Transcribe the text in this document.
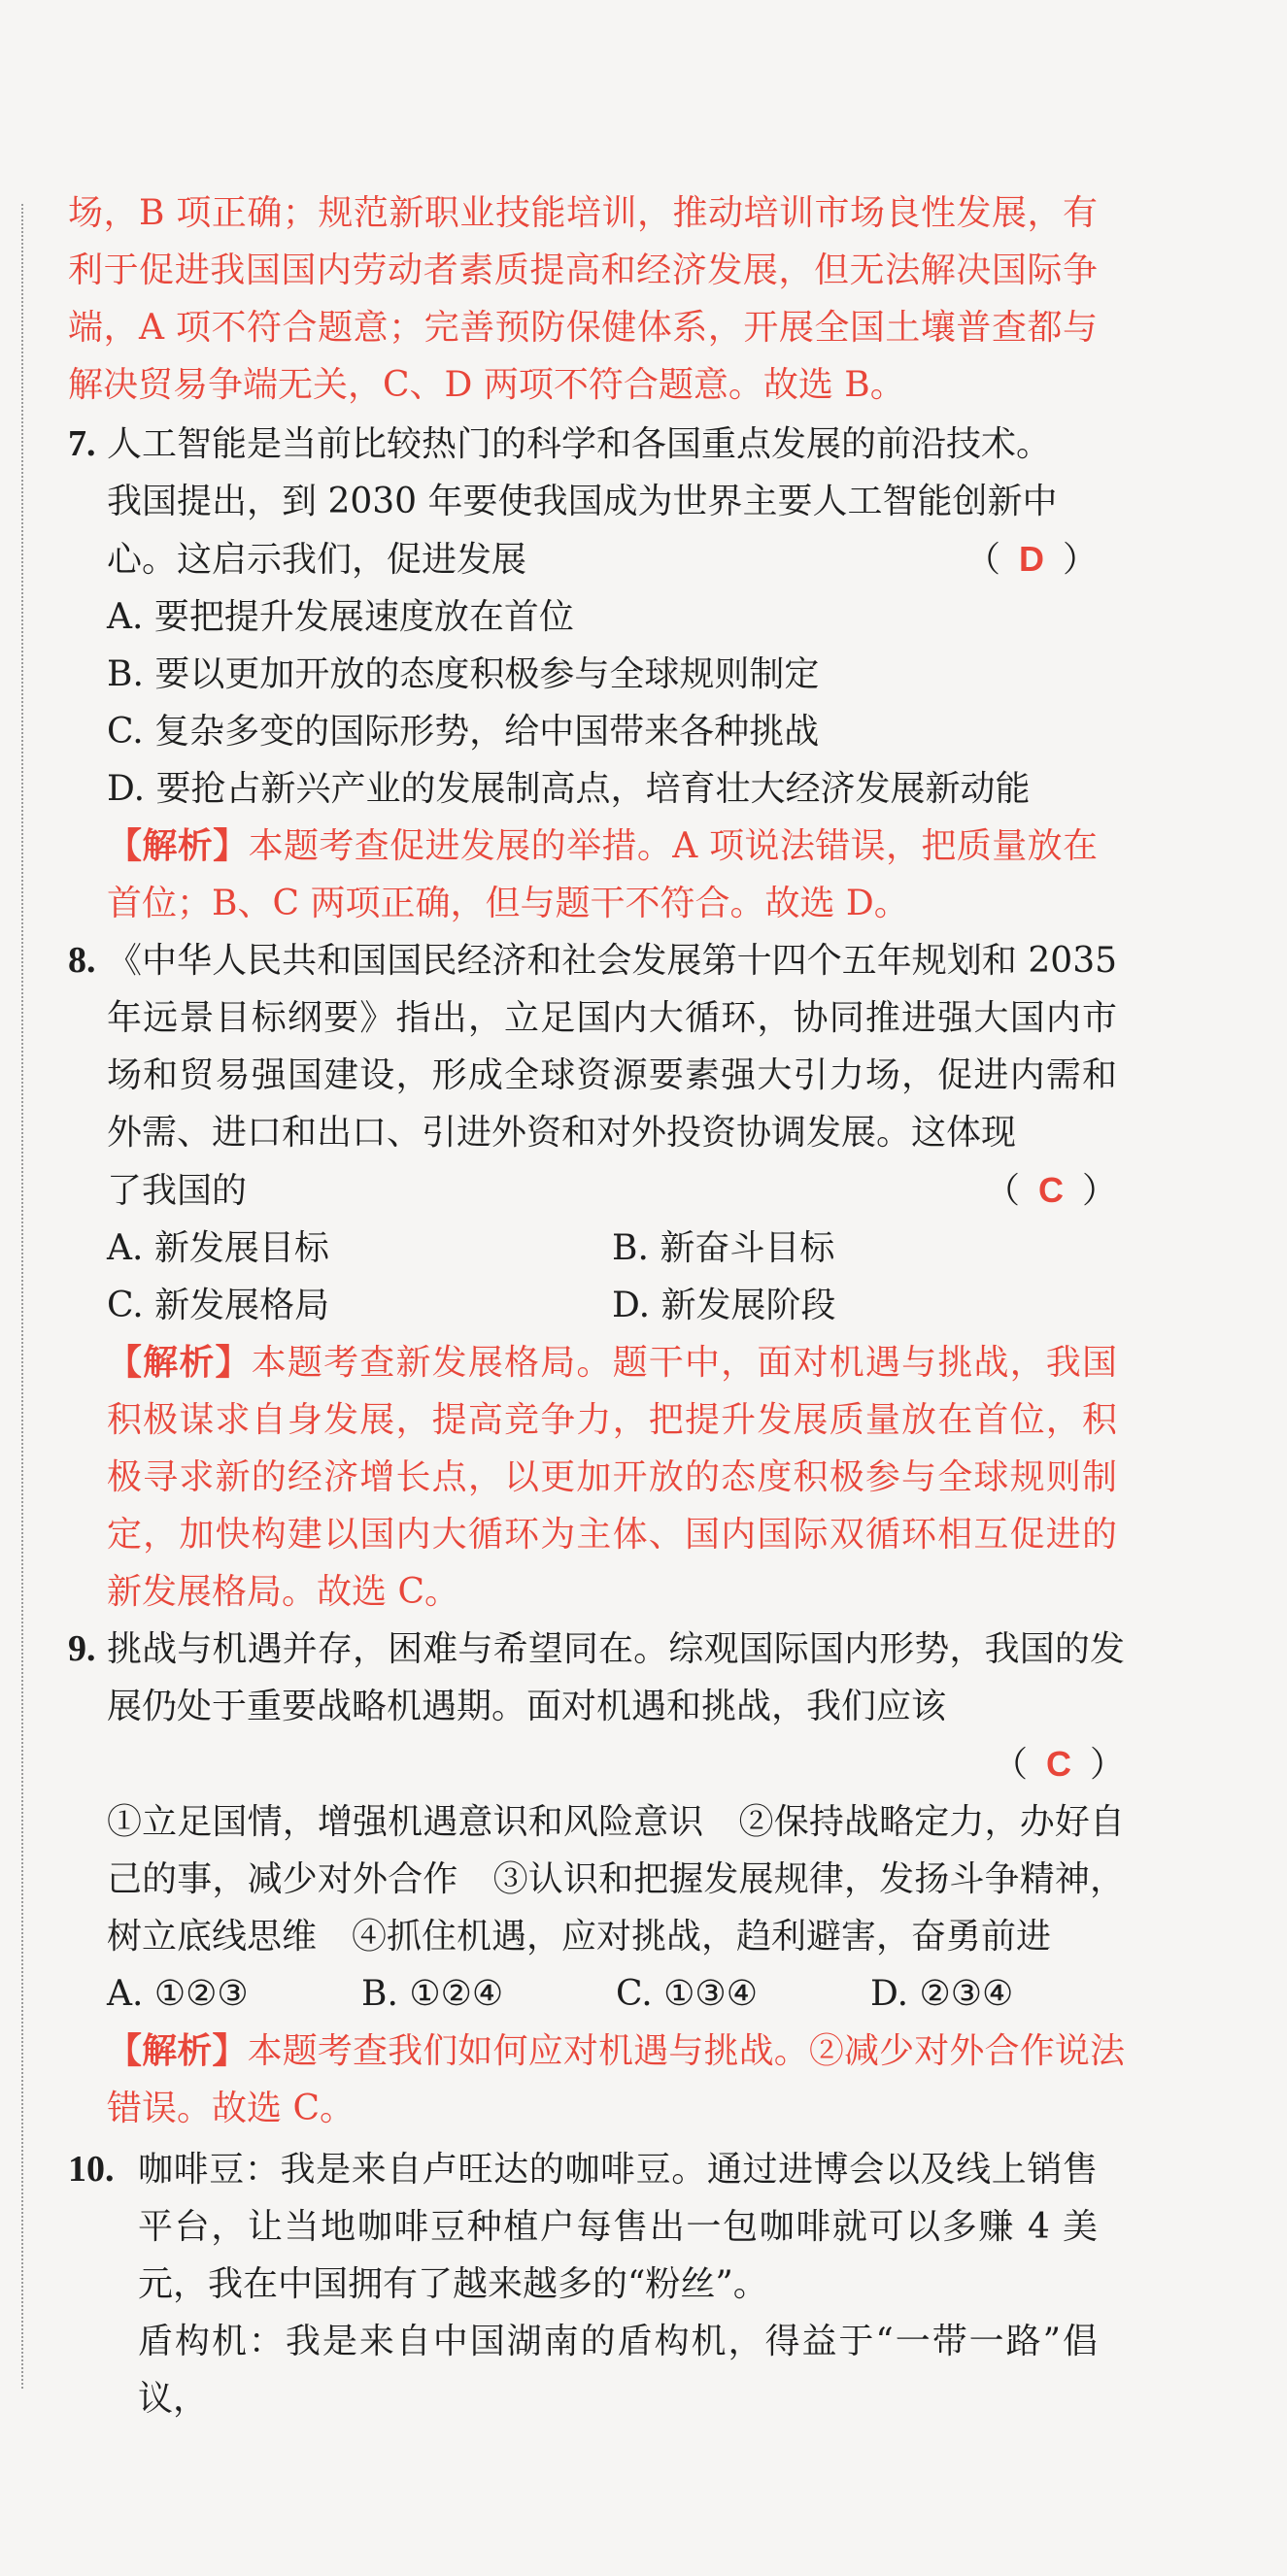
场，B 项正确；规范新职业技能培训，推动培训市场良性发展，有利于促进我国国内劳动者素质提高和经济发展，但无法解决国际争端，A 项不符合题意；完善预防保健体系，开展全国土壤普查都与解决贸易争端无关，C、D 两项不符合题意。故选 B。

7. 人工智能是当前比较热门的科学和各国重点发展的前沿技术。

我国提出，到 2030 年要使我国成为世界主要人工智能创新中

心。这启示我们，促进发展	（ D ）

A. 要把提升发展速度放在首位

B. 要以更加开放的态度积极参与全球规则制定

C. 复杂多变的国际形势，给中国带来各种挑战

D. 要抢占新兴产业的发展制高点，培育壮大经济发展新动能

【解析】本题考查促进发展的举措。A 项说法错误，把质量放在首位；B、C 两项正确，但与题干不符合。故选 D。

8. 《中华人民共和国国民经济和社会发展第十四个五年规划和 2035 年远景目标纲要》指出，立足国内大循环，协同推进强大国内市场和贸易强国建设，形成全球资源要素强大引力场，促进内需和外需、进口和出口、引进外资和对外投资协调发展。这体现

了我国的	（ C ）
A. 新发展目标	B. 新奋斗目标
C. 新发展格局	D. 新发展阶段

【解析】本题考查新发展格局。题干中，面对机遇与挑战，我国积极谋求自身发展，提高竞争力，把提升发展质量放在首位，积极寻求新的经济增长点，以更加开放的态度积极参与全球规则制定，加快构建以国内大循环为主体、国内国际双循环相互促进的新发展格局。故选 C。

9. 挑战与机遇并存，困难与希望同在。综观国际国内形势，我国的发展仍处于重要战略机遇期。面对机遇和挑战，我们应该

（ C ）

①立足国情，增强机遇意识和风险意识　②保持战略定力，办好自己的事，减少对外合作　③认识和把握发展规律，发扬斗争精神，树立底线思维　④抓住机遇，应对挑战，趋利避害，奋勇前进

A. ①②③	B. ①②④	C. ①③④	D. ②③④

【解析】本题考查我们如何应对机遇与挑战。②减少对外合作说法错误。故选 C。

10. 咖啡豆：我是来自卢旺达的咖啡豆。通过进博会以及线上销售平台，让当地咖啡豆种植户每售出一包咖啡就可以多赚 4 美元，我在中国拥有了越来越多的“粉丝”。

盾构机：我是来自中国湖南的盾构机，得益于“一带一路”倡议，
